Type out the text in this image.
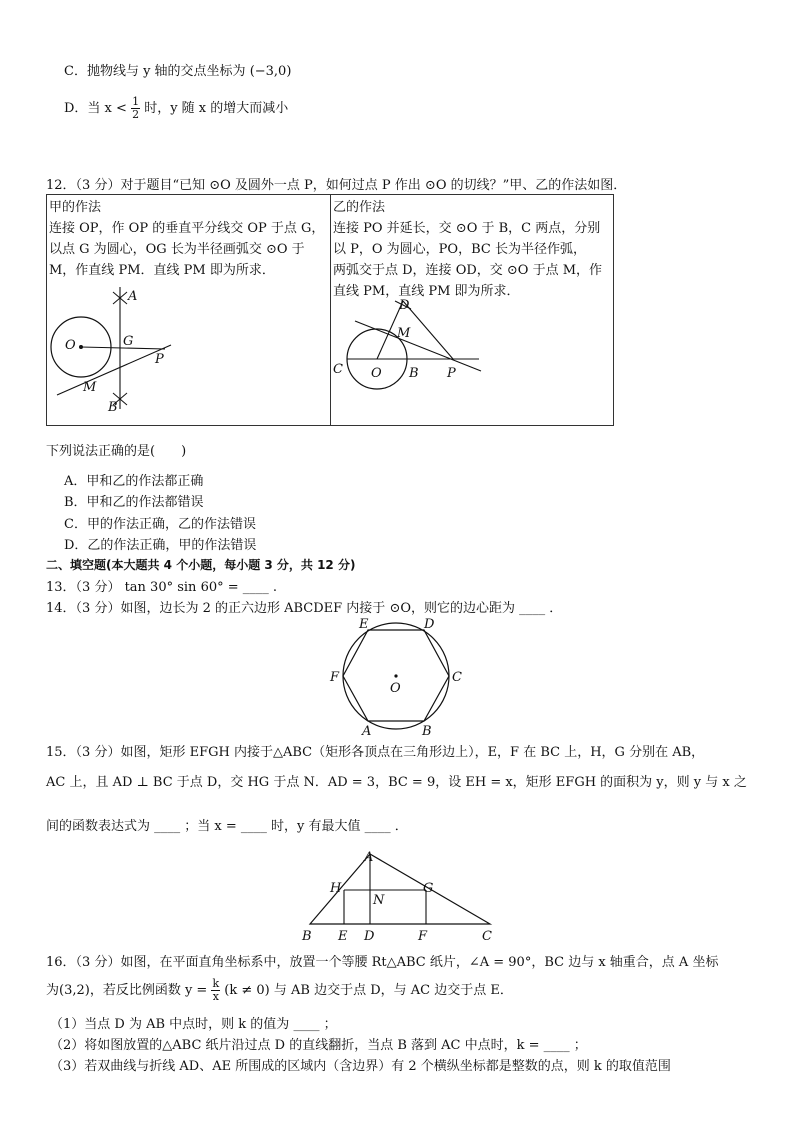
C．抛物线与 y 轴的交点坐标为 (−3,0)
D．当 $x < \frac{1}{2}$ 时，y 随 x 的增大而减小
12．（3 分）对于题目“已知 ⊙O 及圆外一点 P，如何过点 P 作出 ⊙O 的切线？”甲、乙的作法如图．
甲的作法
连接 OP，作 OP 的垂直平分线交 OP 于点 G，
以点 G 为圆心，OG 长为半径画弧交 ⊙O 于
M，作直线 PM．直线 PM 即为所求．
A
O	G
P
M
B
乙的作法
连接 PO 并延长，交 ⊙O 于 B，C 两点，分别
以 P，O 为圆心，PO，BC 长为半径作弧，
两弧交于点 D，连接 OD，交 ⊙O 于点 M，作
直线 PM，直线 PM 即为所求．
D
M
C O B P
下列说法正确的是(　　)
A．甲和乙的作法都正确
B．甲和乙的作法都错误
C．甲的作法正确，乙的作法错误
D．乙的作法正确，甲的作法错误
二、填空题(本大题共 4 个小题，每小题 3 分，共 12 分)
13．（3 分） tan 30° sin 60° = ____ .
14．（3 分）如图，边长为 2 的正六边形 ABCDEF 内接于 ⊙O，则它的边心距为 ____ ．
E	D
F	C
O
A	B
15．（3 分）如图，矩形 EFGH 内接于△ABC（矩形各顶点在三角形边上），E，F 在 BC 上，H，G 分别在 AB，
AC 上，且 AD ⊥ BC 于点 D，交 HG 于点 N．AD = 3，BC = 9，设 EH = x，矩形 EFGH 的面积为 y，则 y 与 x 之
间的函数表达式为 ____ ；当 x = ____ 时，y 有最大值 ____ ．
A
H	G
N
B E D	F	C
16．（3 分）如图，在平面直角坐标系中，放置一个等腰 Rt△ABC 纸片，∠A = 90°，BC 边与 x 轴重合，点 A 坐标
为(3,2)，若反比例函数 $y = \frac{k}{x} (k \ne 0)$ 与 AB 边交于点 D，与 AC 边交于点 E．
（1）当点 D 为 AB 中点时，则 k 的值为 ____ ；
（2）将如图放置的△ABC 纸片沿过点 D 的直线翻折，当点 B 落到 AC 中点时，k = ____ ；
（3）若双曲线与折线 AD、AE 所围成的区域内（含边界）有 2 个横纵坐标都是整数的点，则 k 的取值范围
